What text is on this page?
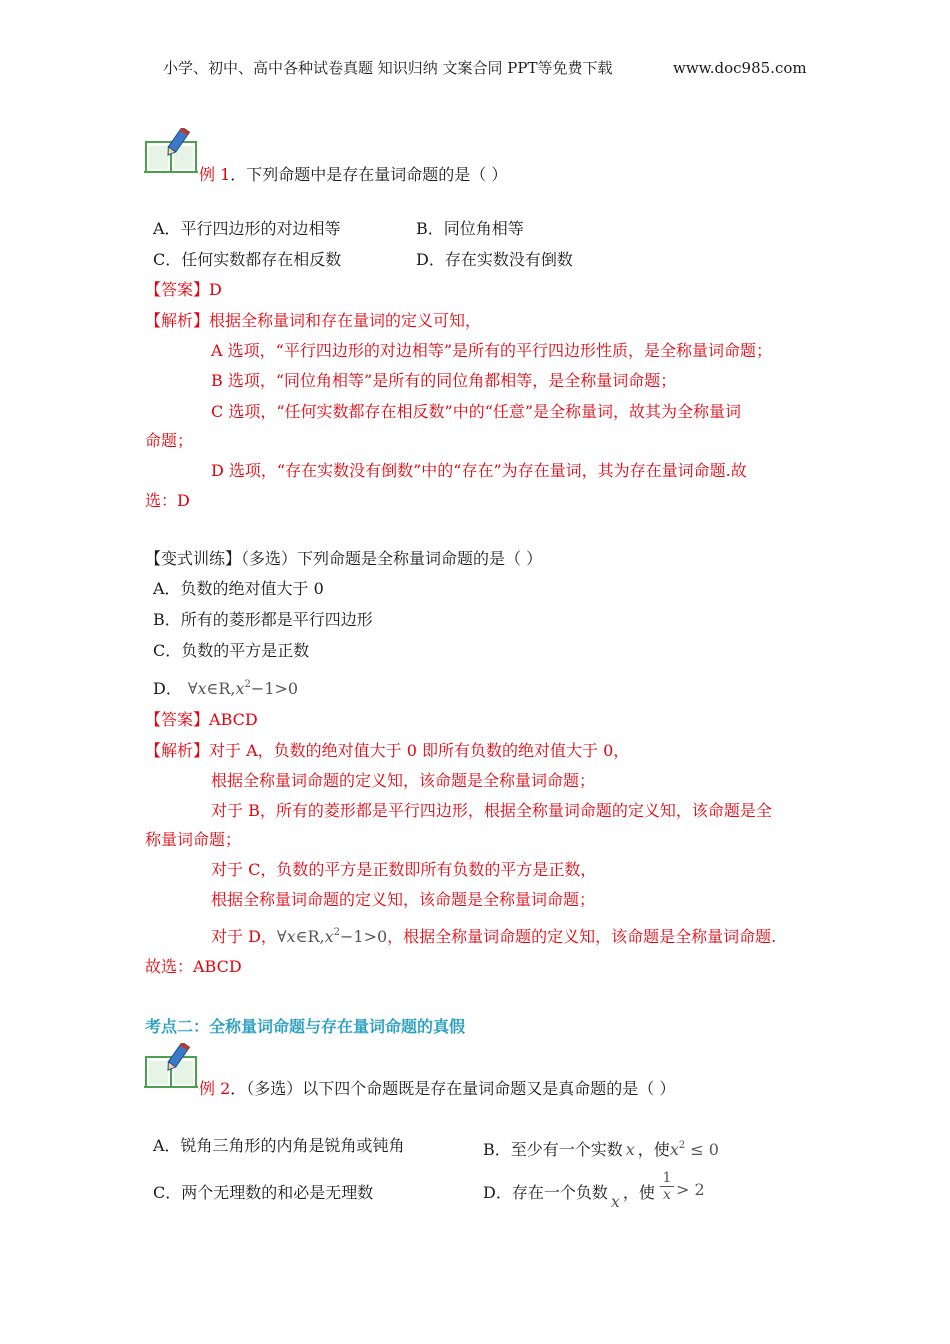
小学、初中、高中各种试卷真题 知识归纳 文案合同 PPT等免费下载	www.doc985.com
例 1．下列命题中是存在量词命题的是（ ）
A．平行四边形的对边相等	B．同位角相等
C．任何实数都存在相反数	D．存在实数没有倒数
【答案】D
【解析】根据全称量词和存在量词的定义可知，
A 选项，“平行四边形的对边相等”是所有的平行四边形性质，是全称量词命题；
B 选项，“同位角相等”是所有的同位角都相等，是全称量词命题；
C 选项，“任何实数都存在相反数”中的“任意”是全称量词，故其为全称量词
命题；
D 选项，“存在实数没有倒数”中的“存在”为存在量词，其为存在量词命题.故
选：D
【变式训练】（多选）下列命题是全称量词命题的是（ ）
A．负数的绝对值大于 0
B．所有的菱形都是平行四边形
C．负数的平方是正数
D． $\forall x\in R,x^2-1>0$
【答案】ABCD
【解析】对于 A，负数的绝对值大于 0 即所有负数的绝对值大于 0，
根据全称量词命题的定义知，该命题是全称量词命题；
对于 B，所有的菱形都是平行四边形，根据全称量词命题的定义知，该命题是全
称量词命题；
对于 C，负数的平方是正数即所有负数的平方是正数，
根据全称量词命题的定义知，该命题是全称量词命题；
对于 D，$\forall x\in R,x^2-1>0$，根据全称量词命题的定义知，该命题是全称量词命题.
故选：ABCD
考点二：全称量词命题与存在量词命题的真假
例 2．（多选）以下四个命题既是存在量词命题又是真命题的是（ ）
A．锐角三角形的内角是锐角或钝角	B．至少有一个实数 x ，使$x^2 \le 0$
C．两个无理数的和必是无理数	D．存在一个负数 x ，使 $\frac{1}{x} > 2$
